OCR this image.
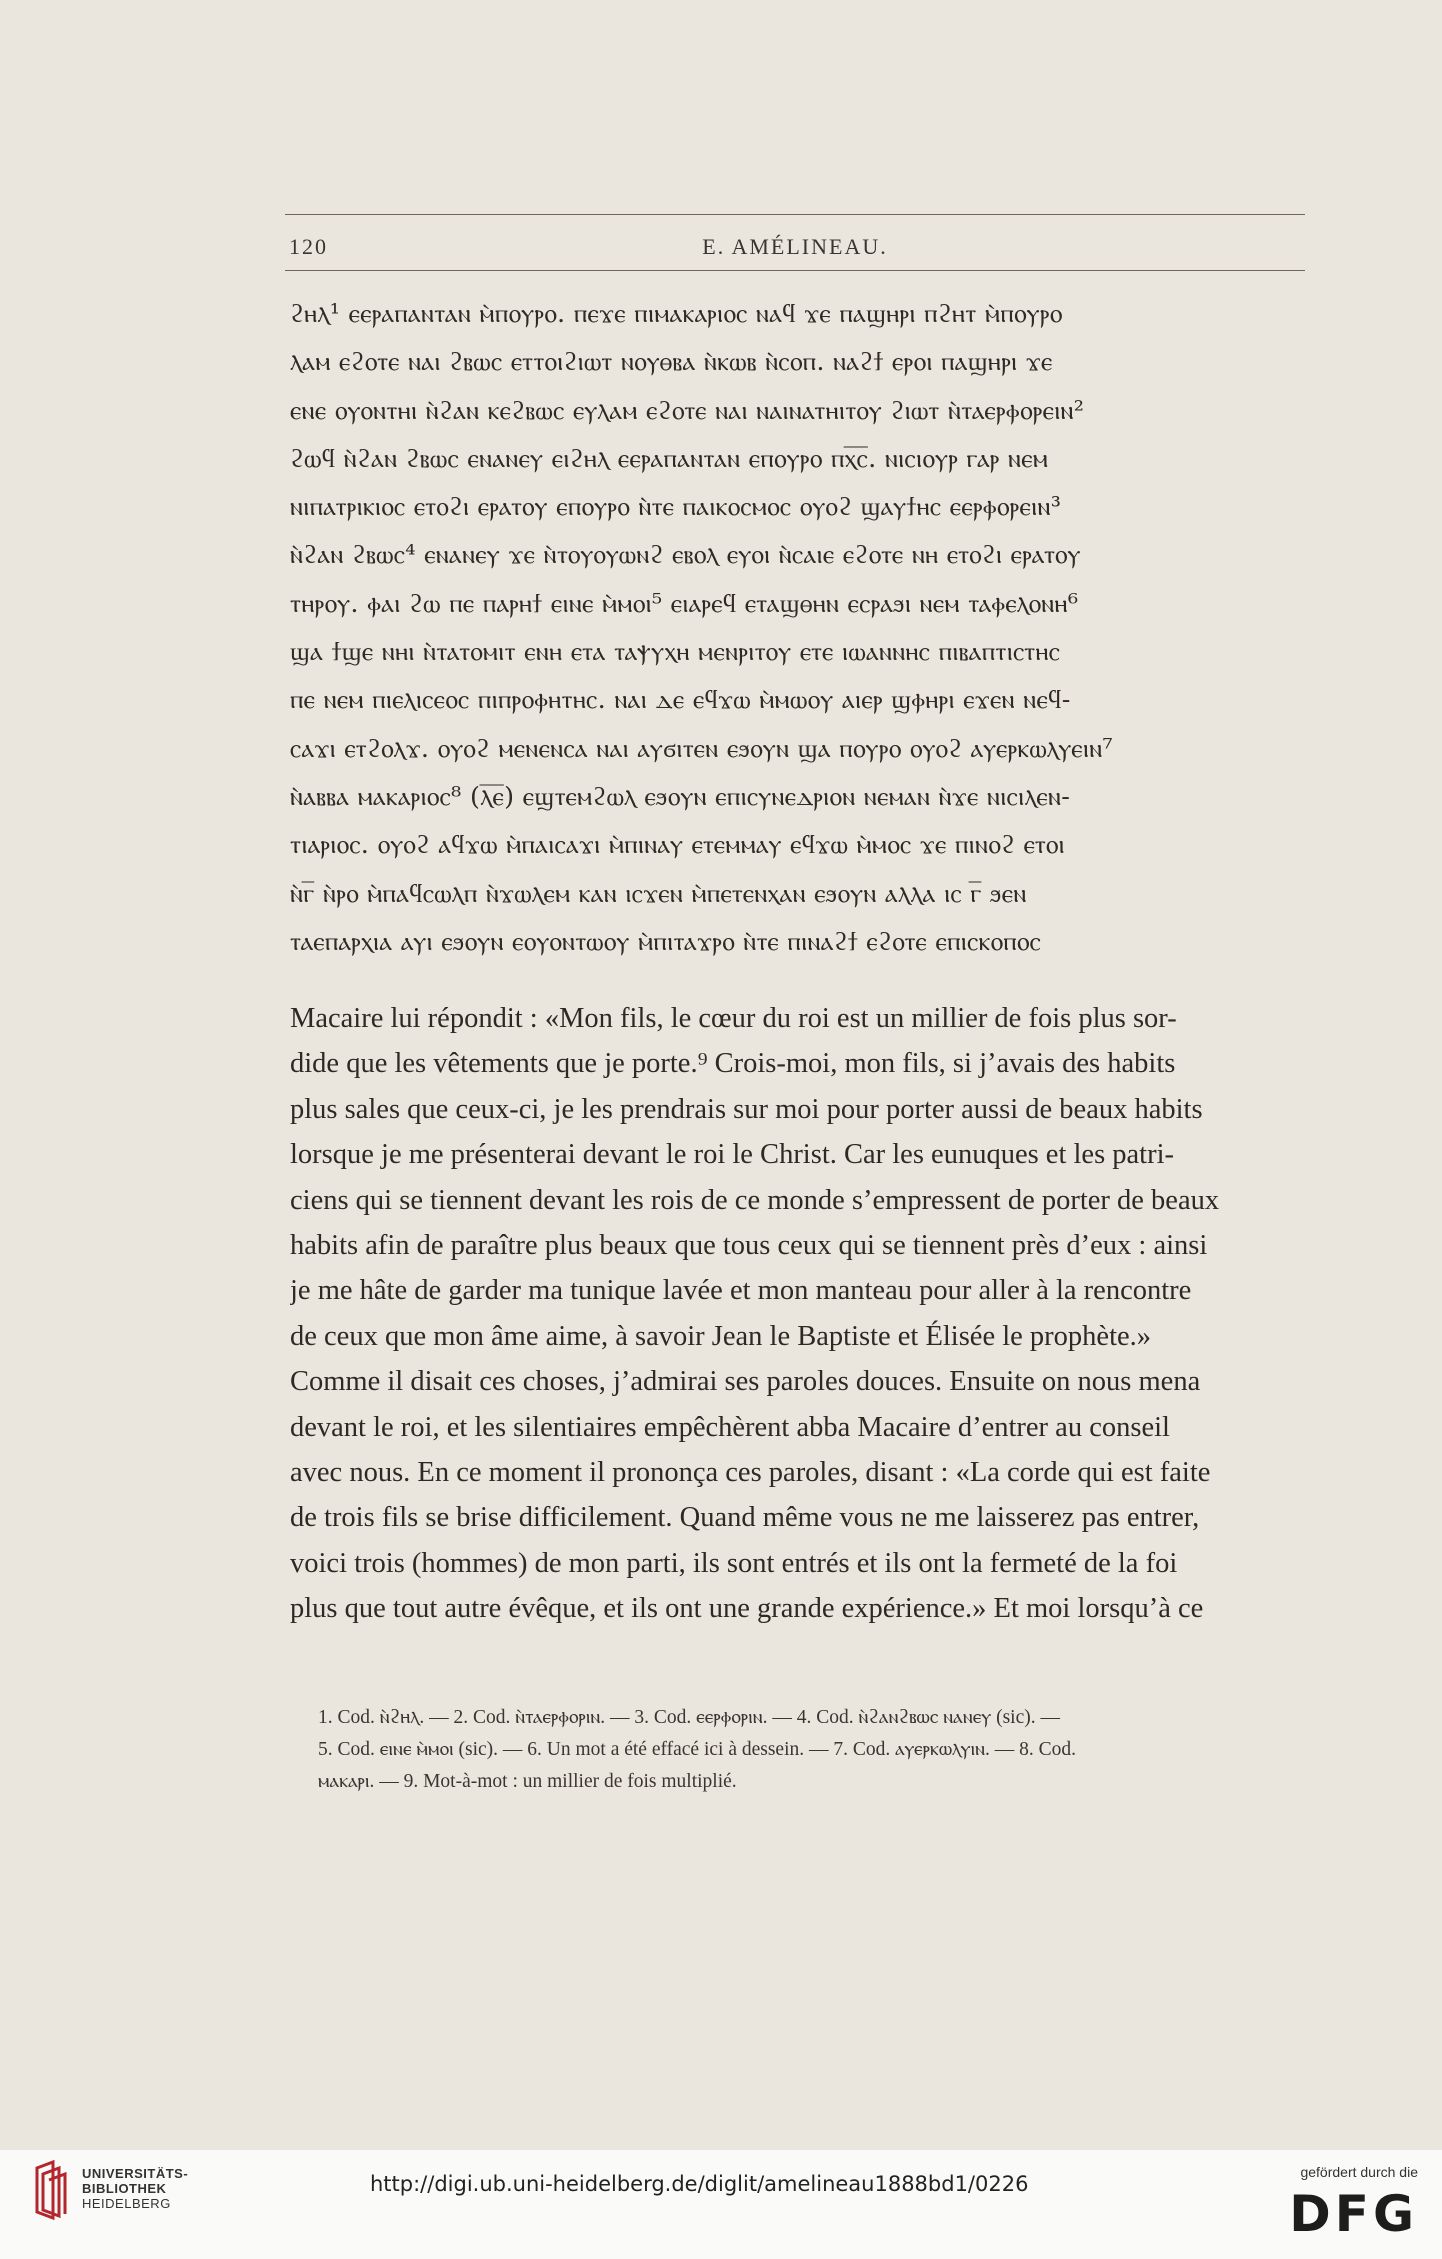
120	E. AMÉLINEAU.
ϩⲏⲗ¹ ⲉⲉⲣⲁⲡⲁⲛⲧⲁⲛ ⲙ̀ⲡⲟⲩⲣⲟ. ⲡⲉϫⲉ ⲡⲓⲙⲁⲕⲁⲣⲓⲟⲥ ⲛⲁϥ ϫⲉ ⲡⲁϣⲏⲣⲓ ⲡϩⲏⲧ ⲙ̀ⲡⲟⲩⲣⲟ
ⲗⲁⲙ ⲉϩⲟⲧⲉ ⲛⲁⲓ ϩⲃⲱⲥ ⲉⲧⲧⲟⲓϩⲓⲱⲧ ⲛⲟⲩⲑⲃⲁ ⲛ̀ⲕⲱⲃ ⲛ̀ⲥⲟⲡ. ⲛⲁϩϯ ⲉⲣⲟⲓ ⲡⲁϣⲏⲣⲓ ϫⲉ
ⲉⲛⲉ ⲟⲩⲟⲛⲧⲏⲓ ⲛ̀ϩⲁⲛ ⲕⲉϩⲃⲱⲥ ⲉⲩⲗⲁⲙ ⲉϩⲟⲧⲉ ⲛⲁⲓ ⲛⲁⲓⲛⲁⲧⲏⲓⲧⲟⲩ ϩⲓⲱⲧ ⲛ̀ⲧⲁⲉⲣⲫⲟⲣⲉⲓⲛ²
ϩⲱϥ ⲛ̀ϩⲁⲛ ϩⲃⲱⲥ ⲉⲛⲁⲛⲉⲩ ⲉⲓϩⲏⲗ ⲉⲉⲣⲁⲡⲁⲛⲧⲁⲛ ⲉⲡⲟⲩⲣⲟ ⲡⲭ̅ⲥ̅. ⲛⲓⲥⲓⲟⲩⲣ ⲅⲁⲣ ⲛⲉⲙ
ⲛⲓⲡⲁⲧⲣⲓⲕⲓⲟⲥ ⲉⲧⲟϩⲓ ⲉⲣⲁⲧⲟⲩ ⲉⲡⲟⲩⲣⲟ ⲛ̀ⲧⲉ ⲡⲁⲓⲕⲟⲥⲙⲟⲥ ⲟⲩⲟϩ ϣⲁⲩϯⲏⲥ ⲉⲉⲣⲫⲟⲣⲉⲓⲛ³
ⲛ̀ϩⲁⲛ ϩⲃⲱⲥ⁴ ⲉⲛⲁⲛⲉⲩ ϫⲉ ⲛ̀ⲧⲟⲩⲟⲩⲱⲛϩ ⲉⲃⲟⲗ ⲉⲩⲟⲓ ⲛ̀ⲥⲁⲓⲉ ⲉϩⲟⲧⲉ ⲛⲏ ⲉⲧⲟϩⲓ ⲉⲣⲁⲧⲟⲩ
ⲧⲏⲣⲟⲩ. ⲫⲁⲓ ϩⲱ ⲡⲉ ⲡⲁⲣⲏϯ ⲉⲓⲛⲉ ⲙ̀ⲙⲟⲓ⁵ ⲉⲓⲁⲣⲉϥ ⲉⲧⲁϣⲑⲏⲛ ⲉⲥⲣⲁϧⲓ ⲛⲉⲙ ⲧⲁⲫⲉⲗⲟⲛⲏ⁶
ϣⲁ ϯϣⲉ ⲛⲏⲓ ⲛ̀ⲧⲁⲧⲟⲙⲓⲧ ⲉⲛⲏ ⲉⲧⲁ ⲧⲁⲯⲩⲭⲏ ⲙⲉⲛⲣⲓⲧⲟⲩ ⲉⲧⲉ ⲓⲱⲁⲛⲛⲏⲥ ⲡⲓⲃⲁⲡⲧⲓⲥⲧⲏⲥ
ⲡⲉ ⲛⲉⲙ ⲡⲓⲉⲗⲓⲥⲉⲟⲥ ⲡⲓⲡⲣⲟⲫⲏⲧⲏⲥ. ⲛⲁⲓ ⲇⲉ ⲉϥϫⲱ ⲙ̀ⲙⲱⲟⲩ ⲁⲓⲉⲣ ϣⲫⲏⲣⲓ ⲉϫⲉⲛ ⲛⲉϥ-
ⲥⲁϫⲓ ⲉⲧϩⲟⲗϫ. ⲟⲩⲟϩ ⲙⲉⲛⲉⲛⲥⲁ ⲛⲁⲓ ⲁⲩϭⲓⲧⲉⲛ ⲉϧⲟⲩⲛ ϣⲁ ⲡⲟⲩⲣⲟ ⲟⲩⲟϩ ⲁⲩⲉⲣⲕⲱⲗⲩⲉⲓⲛ⁷
ⲛ̀ⲁⲃⲃⲁ ⲙⲁⲕⲁⲣⲓⲟⲥ⁸ (ⲗ̅ⲉ̅) ⲉϣⲧⲉⲙϩⲱⲗ ⲉϧⲟⲩⲛ ⲉⲡⲓⲥⲩⲛⲉⲇⲣⲓⲟⲛ ⲛⲉⲙⲁⲛ ⲛ̀ϫⲉ ⲛⲓⲥⲓⲗⲉⲛ-
ⲧⲓⲁⲣⲓⲟⲥ. ⲟⲩⲟϩ ⲁϥϫⲱ ⲙ̀ⲡⲁⲓⲥⲁϫⲓ ⲙ̀ⲡⲓⲛⲁⲩ ⲉⲧⲉⲙⲙⲁⲩ ⲉϥϫⲱ ⲙ̀ⲙⲟⲥ ϫⲉ ⲡⲓⲛⲟϩ ⲉⲧⲟⲓ
ⲛ̀ⲅ̅ ⲛ̀ⲣⲟ ⲙ̀ⲡⲁϥⲥⲱⲗⲡ ⲛ̀ϫⲱⲗⲉⲙ ⲕⲁⲛ ⲓⲥϫⲉⲛ ⲙ̀ⲡⲉⲧⲉⲛⲭⲁⲛ ⲉϧⲟⲩⲛ ⲁⲗⲗⲁ ⲓⲥ ⲅ̅ ϧⲉⲛ
ⲧⲁⲉⲡⲁⲣⲭⲓⲁ ⲁⲩⲓ ⲉϧⲟⲩⲛ ⲉⲟⲩⲟⲛⲧⲱⲟⲩ ⲙ̀ⲡⲓⲧⲁϫⲣⲟ ⲛ̀ⲧⲉ ⲡⲓⲛⲁϩϯ ⲉϩⲟⲧⲉ ⲉⲡⲓⲥⲕⲟⲡⲟⲥ
Macaire lui répondit : «Mon fils, le cœur du roi est un millier de fois plus sor-
dide que les vêtements que je porte.⁹ Crois-moi, mon fils, si j’avais des habits
plus sales que ceux-ci, je les prendrais sur moi pour porter aussi de beaux habits
lorsque je me présenterai devant le roi le Christ. Car les eunuques et les patri-
ciens qui se tiennent devant les rois de ce monde s’empressent de porter de beaux
habits afin de paraître plus beaux que tous ceux qui se tiennent près d’eux : ainsi
je me hâte de garder ma tunique lavée et mon manteau pour aller à la rencontre
de ceux que mon âme aime, à savoir Jean le Baptiste et Élisée le prophète.»
Comme il disait ces choses, j’admirai ses paroles douces. Ensuite on nous mena
devant le roi, et les silentiaires empêchèrent abba Macaire d’entrer au conseil
avec nous. En ce moment il prononça ces paroles, disant : «La corde qui est faite
de trois fils se brise difficilement. Quand même vous ne me laisserez pas entrer,
voici trois (hommes) de mon parti, ils sont entrés et ils ont la fermeté de la foi
plus que tout autre évêque, et ils ont une grande expérience.» Et moi lorsqu’à ce
1. Cod. ⲛ̀ϩⲏⲗ. — 2. Cod. ⲛ̀ⲧⲁⲉⲣⲫⲟⲣⲓⲛ. — 3. Cod. ⲉⲉⲣⲫⲟⲣⲓⲛ. — 4. Cod. ⲛ̀ϩⲁⲛϩⲃⲱⲥ ⲛⲁⲛⲉⲩ (sic). —
5. Cod. ⲉⲓⲛⲉ ⲙ̀ⲙⲟⲓ (sic). — 6. Un mot a été effacé ici à dessein. — 7. Cod. ⲁⲩⲉⲣⲕⲱⲗⲩⲓⲛ. — 8. Cod.
ⲙⲁⲕⲁⲣⲓ. — 9. Mot-à-mot : un millier de fois multiplié.
UNIVERSITÄTS-
BIBLIOTHEK
HEIDELBERG
http://digi.ub.uni-heidelberg.de/diglit/amelineau1888bd1/0226	gefördert durch die
DFG
